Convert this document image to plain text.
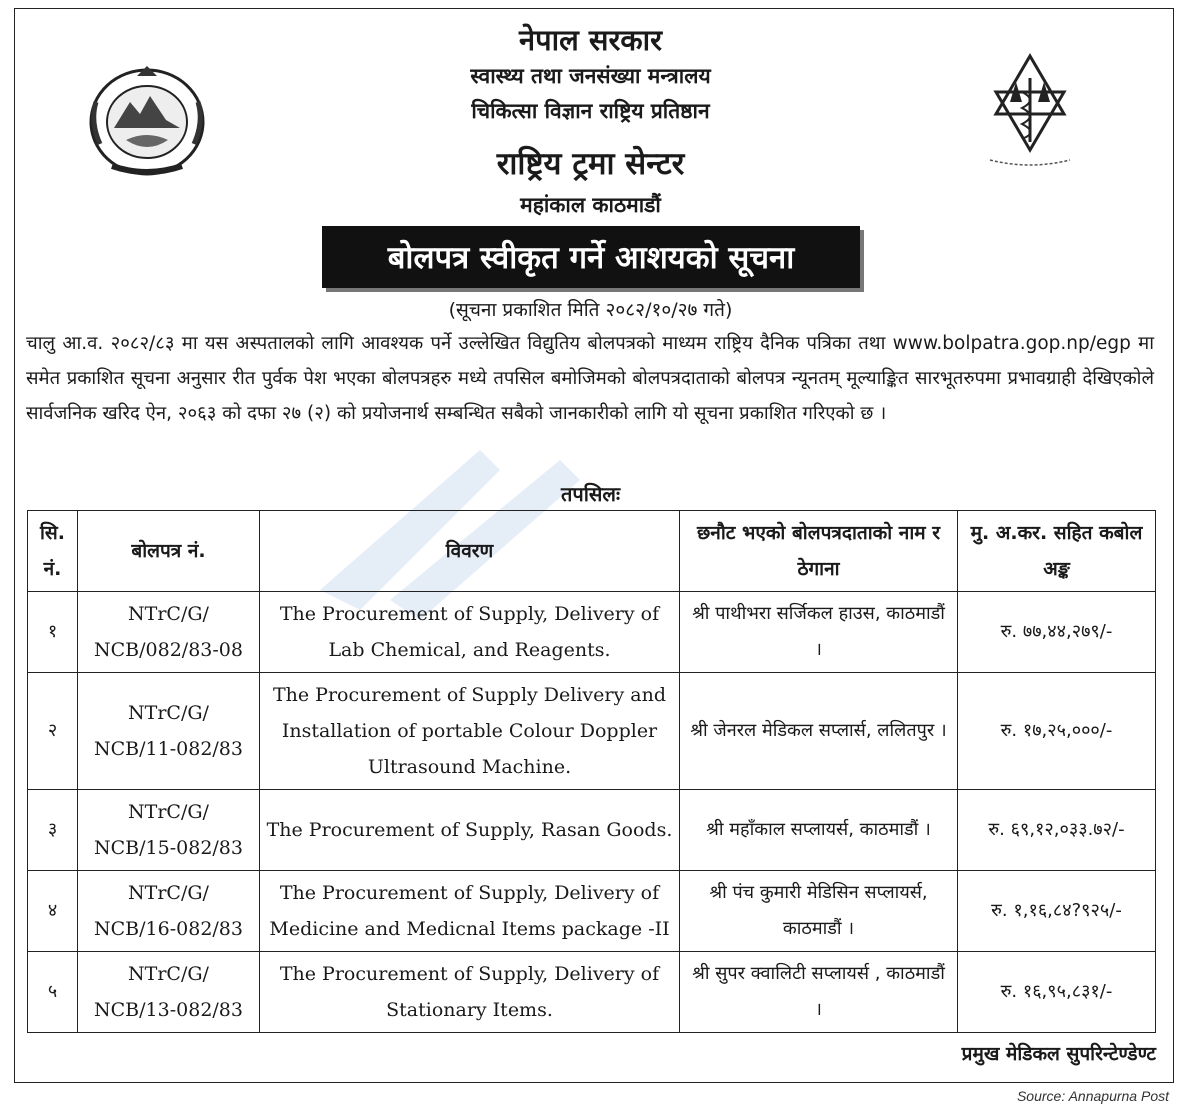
नेपाल सरकार
स्वास्थ्य तथा जनसंख्या मन्त्रालय
चिकित्सा विज्ञान राष्ट्रिय प्रतिष्ठान
राष्ट्रिय ट्रमा सेन्टर
महांकाल काठमाडौं
बोलपत्र स्वीकृत गर्ने आशयको सूचना
(सूचना प्रकाशित मिति २०८२/१०/२७ गते)
चालु आ.व. २०८२/८३ मा यस अस्पतालको लागि आवश्यक पर्ने उल्लेखित विद्युतिय बोलपत्रको माध्यम राष्ट्रिय दैनिक पत्रिका तथा www.bolpatra.gop.np/egp मा समेत प्रकाशित सूचना अनुसार रीत पुर्वक पेश भएका बोलपत्रहरु मध्ये तपसिल बमोजिमको बोलपत्रदाताको बोलपत्र न्यूनतम् मूल्याङ्कित सारभूतरुपमा प्रभावग्राही देखिएकोले सार्वजनिक खरिद ऐन, २०६३ को दफा २७ (२) को प्रयोजनार्थ सम्बन्धित सबैको जानकारीको लागि यो सूचना प्रकाशित गरिएको छ ।
तपसिलः
सि. नं.	बोलपत्र नं.	विवरण	छनौट भएको बोलपत्रदाताको नाम र ठेगाना	मु. अ.कर. सहित कबोल अङ्क
१	NTrC/G/ NCB/082/83-08	The Procurement of Supply, Delivery of Lab Chemical, and Reagents.	श्री पाथीभरा सर्जिकल हाउस, काठमाडौं ।	रु. ७७,४४,२७९/-
२	NTrC/G/ NCB/11-082/83	The Procurement of Supply Delivery and Installation of portable Colour Doppler Ultrasound Machine.	श्री जेनरल मेडिकल सप्लार्स, ललितपुर ।	रु. १७,२५,०००/-
३	NTrC/G/ NCB/15-082/83	The Procurement of Supply, Rasan Goods.	श्री महाँकाल सप्लायर्स, काठमाडौं ।	रु. ६९,१२,०३३.७२/-
४	NTrC/G/ NCB/16-082/83	The Procurement of Supply, Delivery of Medicine and Medicnal Items package -II	श्री पंच कुमारी मेडिसिन सप्लायर्स, काठमाडौं ।	रु. १,१६,८४?९२५/-
५	NTrC/G/ NCB/13-082/83	The Procurement of Supply, Delivery of Stationary Items.	श्री सुपर क्वालिटी सप्लायर्स , काठमाडौं ।	रु. १६,९५,८३१/-
प्रमुख मेडिकल सुपरिन्टेण्डेण्ट
Source: Annapurna Post
